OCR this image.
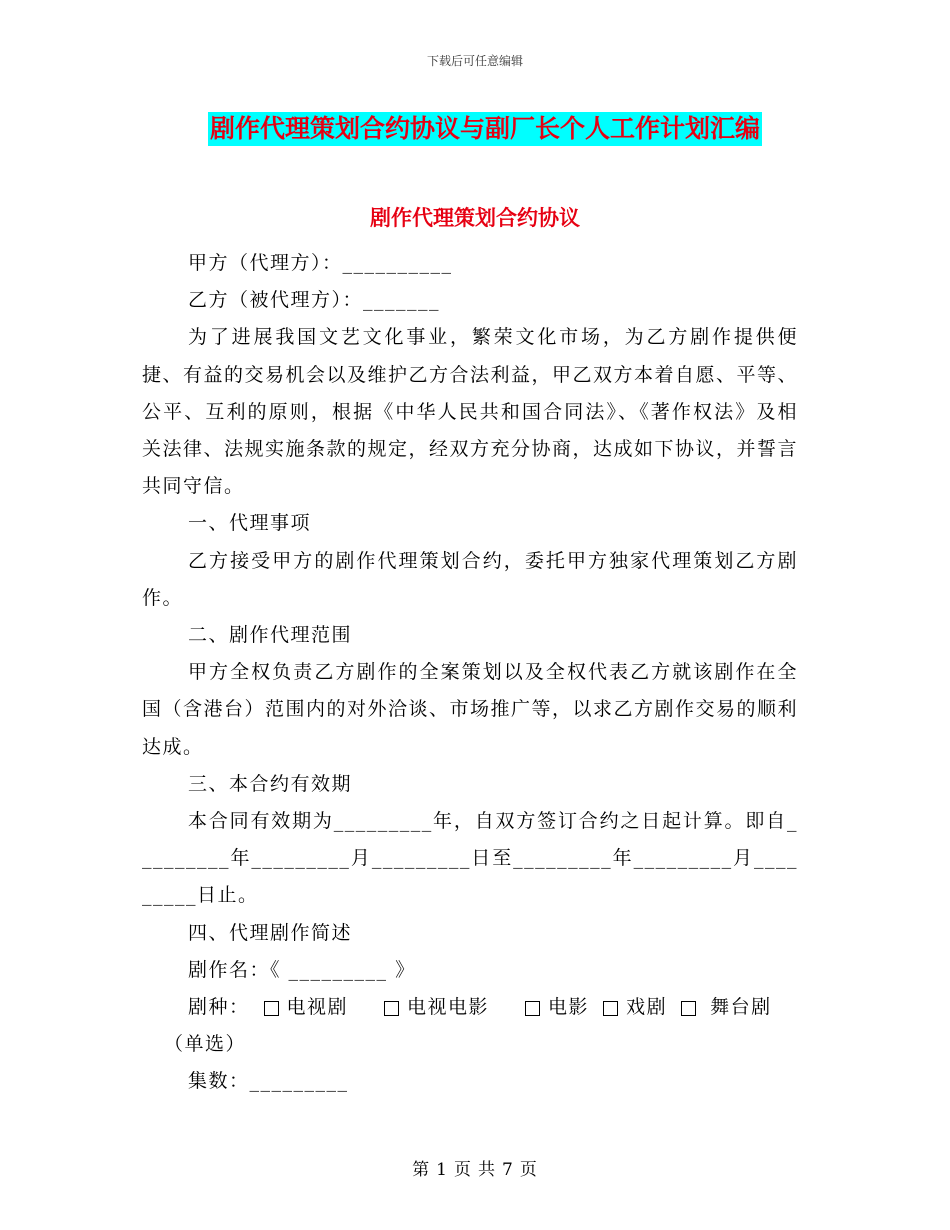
下载后可任意编辑
剧作代理策划合约协议与副厂长个人工作计划汇编
剧作代理策划合约协议

甲方（代理方）：__________

乙方（被代理方）：_______

为了进展我国文艺文化事业，繁荣文化市场，为乙方剧作提供便捷、有益的交易机会以及维护乙方合法利益，甲乙双方本着自愿、平等、公平、互利的原则，根据《中华人民共和国合同法》、《著作权法》及相关法律、法规实施条款的规定，经双方充分协商，达成如下协议，并誓言共同守信。

一、代理事项

乙方接受甲方的剧作代理策划合约，委托甲方独家代理策划乙方剧作。

二、剧作代理范围

甲方全权负责乙方剧作的全案策划以及全权代表乙方就该剧作在全国（含港台）范围内的对外洽谈、市场推广等，以求乙方剧作交易的顺利达成。

三、本合约有效期

本合同有效期为_________年，自双方签订合约之日起计算。即自_________年_________月_________日至_________年_________月_________日止。

四、代理剧作简述

剧作名：《 _________ 》

剧种： 电视剧	电视电影	电影 戏剧 舞台剧 （单选）

集数：_________

第 1 页 共 7 页
